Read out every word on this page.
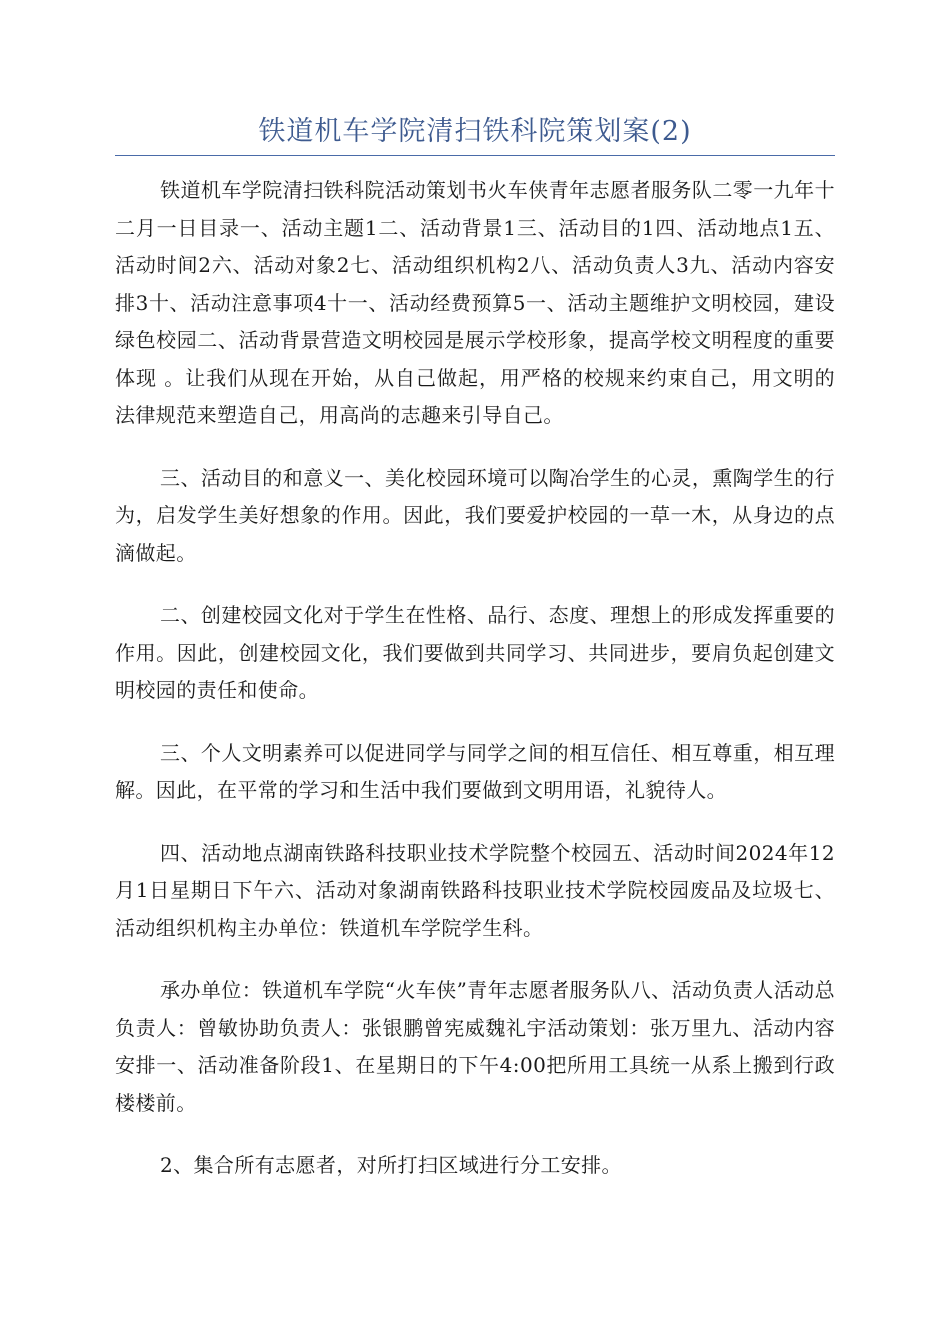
铁道机车学院清扫铁科院策划案(2)

铁道机车学院清扫铁科院活动策划书火车侠青年志愿者服务队二零一九年十二月一日目录一、活动主题1二、活动背景1三、活动目的1四、活动地点1五、活动时间2六、活动对象2七、活动组织机构2八、活动负责人3九、活动内容安排3十、活动注意事项4十一、活动经费预算5一、活动主题维护文明校园，建设绿色校园二、活动背景营造文明校园是展示学校形象，提高学校文明程度的重要体现 。让我们从现在开始，从自己做起，用严格的校规来约束自己，用文明的法律规范来塑造自己，用高尚的志趣来引导自己。

三、活动目的和意义一、美化校园环境可以陶冶学生的心灵，熏陶学生的行为，启发学生美好想象的作用。因此，我们要爱护校园的一草一木，从身边的点滴做起。

二、创建校园文化对于学生在性格、品行、态度、理想上的形成发挥重要的作用。因此，创建校园文化，我们要做到共同学习、共同进步，要肩负起创建文明校园的责任和使命。

三、个人文明素养可以促进同学与同学之间的相互信任、相互尊重，相互理解。因此，在平常的学习和生活中我们要做到文明用语，礼貌待人。

四、活动地点湖南铁路科技职业技术学院整个校园五、活动时间2024年12月1日星期日下午六、活动对象湖南铁路科技职业技术学院校园废品及垃圾七、活动组织机构主办单位：铁道机车学院学生科。

承办单位：铁道机车学院“火车侠”青年志愿者服务队八、活动负责人活动总负责人：曾敏协助负责人：张银鹏曾宪威魏礼宇活动策划：张万里九、活动内容安排一、活动准备阶段1、在星期日的下午4:00把所用工具统一从系上搬到行政楼楼前。

2、集合所有志愿者，对所打扫区域进行分工安排。
